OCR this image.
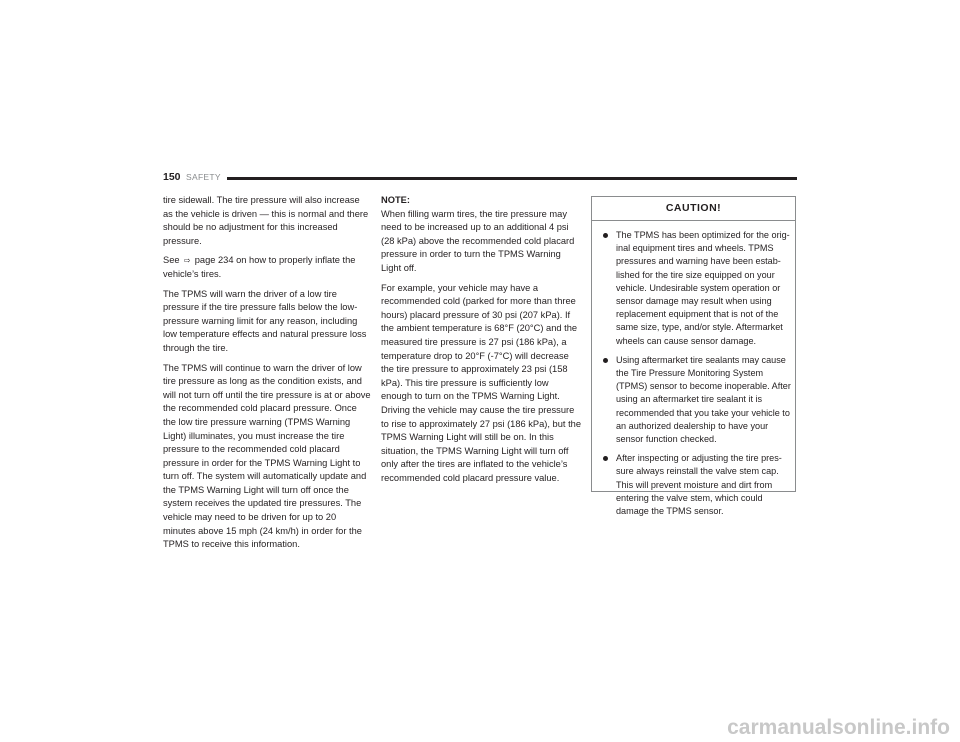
150 SAFETY

tire sidewall. The tire pressure will also increase as the vehicle is driven — this is normal and there should be no adjustment for this increased pressure.

See ⇨ page 234 on how to properly inflate the vehicle’s tires.

The TPMS will warn the driver of a low tire pressure if the tire pressure falls below the low-pressure warning limit for any reason, including low temperature effects and natural pressure loss through the tire.

The TPMS will continue to warn the driver of low tire pressure as long as the condition exists, and will not turn off until the tire pressure is at or above the recommended cold placard pressure. Once the low tire pressure warning (TPMS Warning Light) illuminates, you must increase the tire pressure to the recommended cold placard pressure in order for the TPMS Warning Light to turn off. The system will automatically update and the TPMS Warning Light will turn off once the system receives the updated tire pressures. The vehicle may need to be driven for up to 20 minutes above 15 mph (24 km/h) in order for the TPMS to receive this information.

NOTE:
When filling warm tires, the tire pressure may need to be increased up to an additional 4 psi (28 kPa) above the recommended cold placard pressure in order to turn the TPMS Warning Light off.

For example, your vehicle may have a recommended cold (parked for more than three hours) placard pressure of 30 psi (207 kPa). If the ambient temperature is 68°F (20°C) and the measured tire pressure is 27 psi (186 kPa), a temperature drop to 20°F (-7°C) will decrease the tire pressure to approximately 23 psi (158 kPa). This tire pressure is sufficiently low enough to turn on the TPMS Warning Light. Driving the vehicle may cause the tire pressure to rise to approximately 27 psi (186 kPa), but the TPMS Warning Light will still be on. In this situation, the TPMS Warning Light will turn off only after the tires are inflated to the vehicle’s recommended cold placard pressure value.

CAUTION!
The TPMS has been optimized for the orig-inal equipment tires and wheels. TPMS pressures and warning have been estab-lished for the tire size equipped on your vehicle. Undesirable system operation or sensor damage may result when using replacement equipment that is not of the same size, type, and/or style. Aftermarket wheels can cause sensor damage.
Using aftermarket tire sealants may cause the Tire Pressure Monitoring System (TPMS) sensor to become inoperable. After using an aftermarket tire sealant it is recommended that you take your vehicle to an authorized dealership to have your sensor function checked.
After inspecting or adjusting the tire pres-sure always reinstall the valve stem cap. This will prevent moisture and dirt from entering the valve stem, which could damage the TPMS sensor.
carmanualsonline.info
